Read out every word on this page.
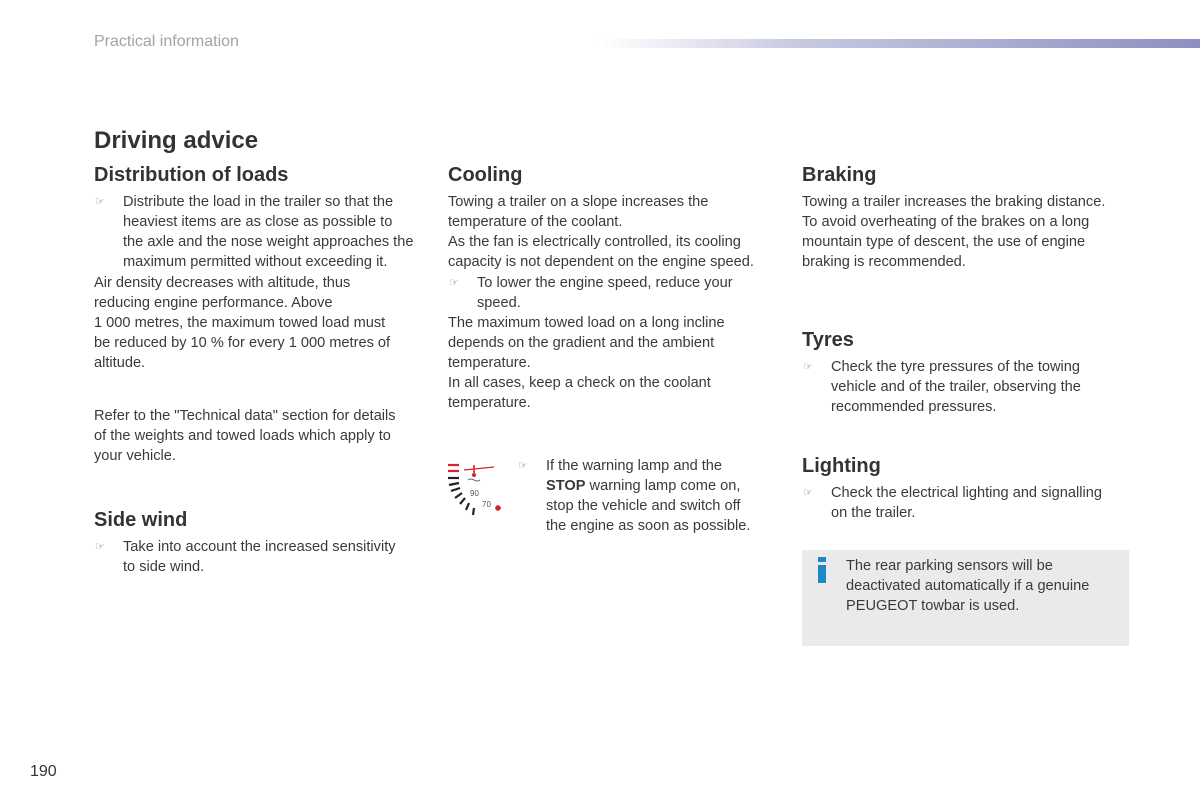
Practical information
Driving advice
Distribution of loads
☞ Distribute the load in the trailer so that the

heaviest items are as close as possible to

the axle and the nose weight approaches the

maximum permitted without exceeding it.

Air density decreases with altitude, thus

reducing engine performance. Above

1 000 metres, the maximum towed load must

be reduced by 10 % for every 1 000 metres of

altitude.

Refer to the "Technical data" section for details

of the weights and towed loads which apply to

your vehicle.

Side wind
☞ Take into account the increased sensitivity

to side wind.

Cooling

Towing a trailer on a slope increases the

temperature of the coolant.

As the fan is electrically controlled, its cooling

capacity is not dependent on the engine speed.

☞ To lower the engine speed, reduce your

speed.

The maximum towed load on a long incline

depends on the gradient and the ambient

temperature.

In all cases, keep a check on the coolant

temperature.

90
70
☞ If the warning lamp and the

STOP warning lamp come on,

stop the vehicle and switch off

the engine as soon as possible.

Braking

Towing a trailer increases the braking distance.

To avoid overheating of the brakes on a long

mountain type of descent, the use of engine

braking is recommended.

Tyres
☞ Check the tyre pressures of the towing

vehicle and of the trailer, observing the

recommended pressures.

Lighting
☞ Check the electrical lighting and signalling

on the trailer.

The rear parking sensors will be

deactivated automatically if a genuine

PEUGEOT towbar is used.

190
